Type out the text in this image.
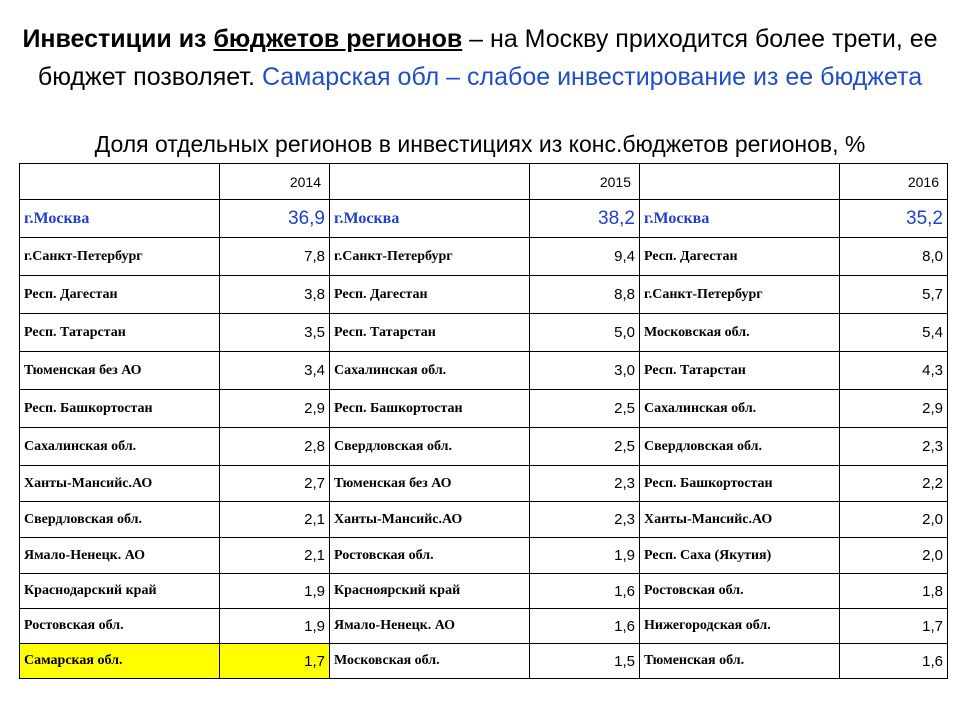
Инвестиции из бюджетов регионов – на Москву приходится более трети, ее бюджет позволяет. Самарская обл – слабое инвестирование из ее бюджета
Доля отдельных регионов в инвестициях из конс.бюджетов регионов, %
	2014		2015		2016
г.Москва	36,9	г.Москва	38,2	г.Москва	35,2
г.Санкт-Петербург	7,8	г.Санкт-Петербург	9,4	Респ. Дагестан	8,0
Респ. Дагестан	3,8	Респ. Дагестан	8,8	г.Санкт-Петербург	5,7
Респ. Татарстан	3,5	Респ. Татарстан	5,0	Московская обл.	5,4
Тюменская без АО	3,4	Сахалинская обл.	3,0	Респ. Татарстан	4,3
Респ. Башкортостан	2,9	Респ. Башкортостан	2,5	Сахалинская обл.	2,9
Сахалинская обл.	2,8	Свердловская обл.	2,5	Свердловская обл.	2,3
Ханты-Мансийс.АО	2,7	Тюменская без АО	2,3	Респ. Башкортостан	2,2
Свердловская обл.	2,1	Ханты-Мансийс.АО	2,3	Ханты-Мансийс.АО	2,0
Ямало-Ненецк. АО	2,1	Ростовская обл.	1,9	Респ. Саха (Якутия)	2,0
Краснодарский край	1,9	Красноярский край	1,6	Ростовская обл.	1,8
Ростовская обл.	1,9	Ямало-Ненецк. АО	1,6	Нижегородская обл.	1,7
Самарская обл.	1,7	Московская обл.	1,5	Тюменская обл.	1,6
